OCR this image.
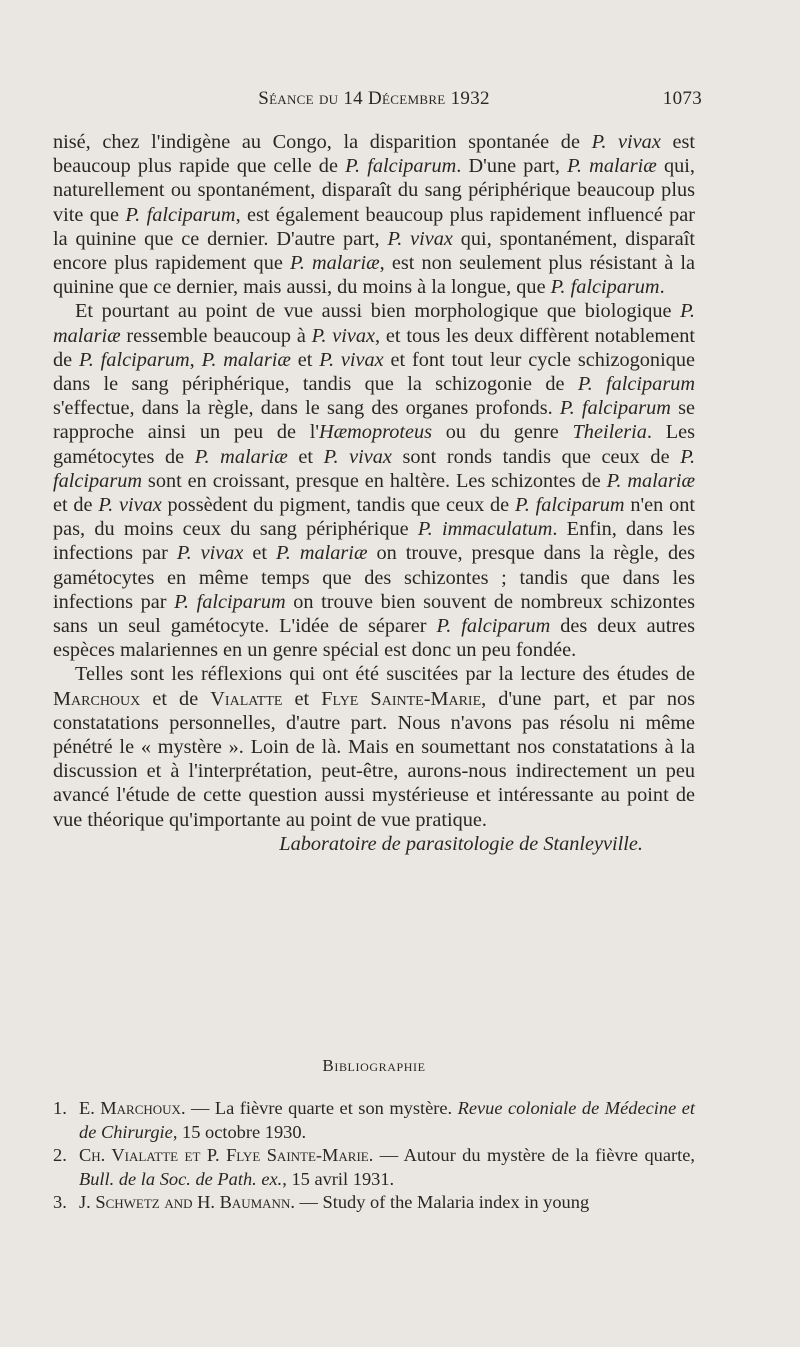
Séance du 14 Décembre 1932	1073

nisé, chez l'indigène au Congo, la disparition spontanée de P. vivax est beaucoup plus rapide que celle de P. falciparum. D'une part, P. malariæ qui, naturellement ou spontanément, disparaît du sang périphérique beaucoup plus vite que P. falciparum, est également beaucoup plus rapidement influencé par la quinine que ce dernier. D'autre part, P. vivax qui, spontanément, disparaît encore plus rapidement que P. malariæ, est non seulement plus résistant à la quinine que ce dernier, mais aussi, du moins à la longue, que P. falciparum.

Et pourtant au point de vue aussi bien morphologique que biologique P. malariæ ressemble beaucoup à P. vivax, et tous les deux diffèrent notablement de P. falciparum, P. malariæ et P. vivax et font tout leur cycle schizogonique dans le sang périphérique, tandis que la schizogonie de P. falciparum s'effectue, dans la règle, dans le sang des organes profonds. P. falciparum se rapproche ainsi un peu de l'Hæmoproteus ou du genre Theileria. Les gamétocytes de P. malariæ et P. vivax sont ronds tandis que ceux de P. falciparum sont en croissant, presque en haltère. Les schizontes de P. malariæ et de P. vivax possèdent du pigment, tandis que ceux de P. falciparum n'en ont pas, du moins ceux du sang périphérique P. immaculatum. Enfin, dans les infections par P. vivax et P. malariæ on trouve, presque dans la règle, des gamétocytes en même temps que des schizontes ; tandis que dans les infections par P. falciparum on trouve bien souvent de nombreux schizontes sans un seul gamétocyte. L'idée de séparer P. falciparum des deux autres espèces malariennes en un genre spécial est donc un peu fondée.

Telles sont les réflexions qui ont été suscitées par la lecture des études de Marchoux et de Vialatte et Flye Sainte-Marie, d'une part, et par nos constatations personnelles, d'autre part. Nous n'avons pas résolu ni même pénétré le « mystère ». Loin de là. Mais en soumettant nos constatations à la discussion et à l'interprétation, peut-être, aurons-nous indirectement un peu avancé l'étude de cette question aussi mystérieuse et intéressante au point de vue théorique qu'importante au point de vue pratique.

Laboratoire de parasitologie de Stanleyville.

Bibliographie
1. E. Marchoux. — La fièvre quarte et son mystère. Revue coloniale de Médecine et de Chirurgie, 15 octobre 1930.
2. Ch. Vialatte et P. Flye Sainte-Marie. — Autour du mystère de la fièvre quarte, Bull. de la Soc. de Path. ex., 15 avril 1931.
3. J. Schwetz and H. Baumann. — Study of the Malaria index in young
